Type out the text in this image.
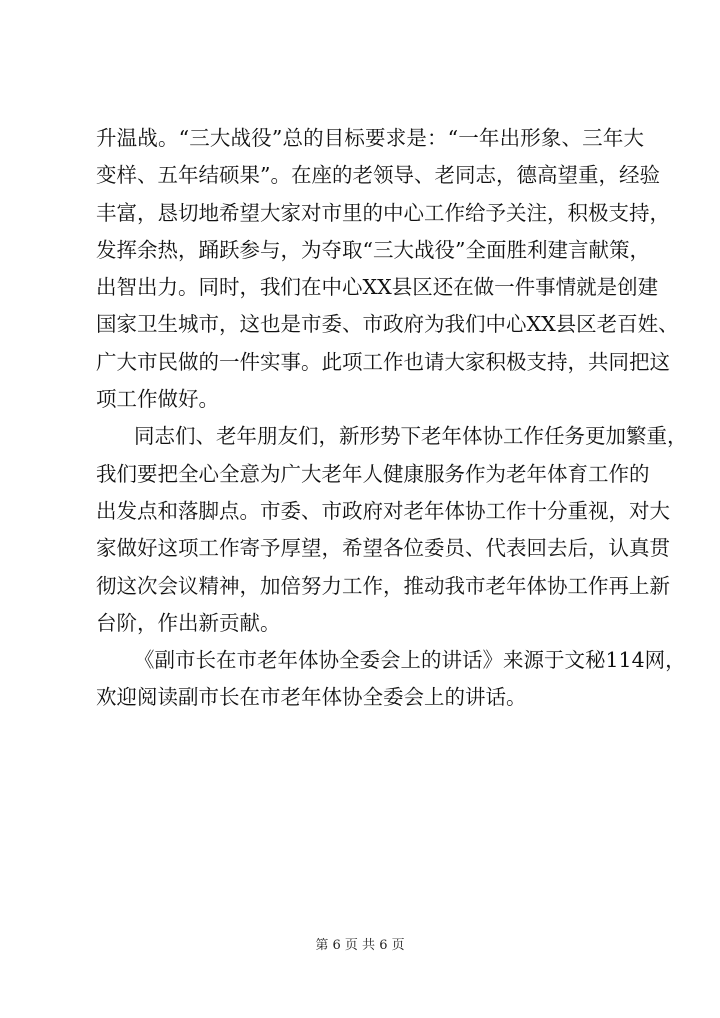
升温战。“三大战役”总的目标要求是：“一年出形象、三年大
变样、五年结硕果”。在座的老领导、老同志，德高望重，经验
丰富，恳切地希望大家对市里的中心工作给予关注，积极支持，
发挥余热，踊跃参与，为夺取“三大战役”全面胜利建言献策，
出智出力。同时，我们在中心XX县区还在做一件事情就是创建
国家卫生城市，这也是市委、市政府为我们中心XX县区老百姓、
广大市民做的一件实事。此项工作也请大家积极支持，共同把这
项工作做好。
同志们、老年朋友们，新形势下老年体协工作任务更加繁重，
我们要把全心全意为广大老年人健康服务作为老年体育工作的
出发点和落脚点。市委、市政府对老年体协工作十分重视，对大
家做好这项工作寄予厚望，希望各位委员、代表回去后，认真贯
彻这次会议精神，加倍努力工作，推动我市老年体协工作再上新
台阶，作出新贡献。
《副市长在市老年体协全委会上的讲话》来源于文秘114网，
欢迎阅读副市长在市老年体协全委会上的讲话。
第 6 页 共 6 页
